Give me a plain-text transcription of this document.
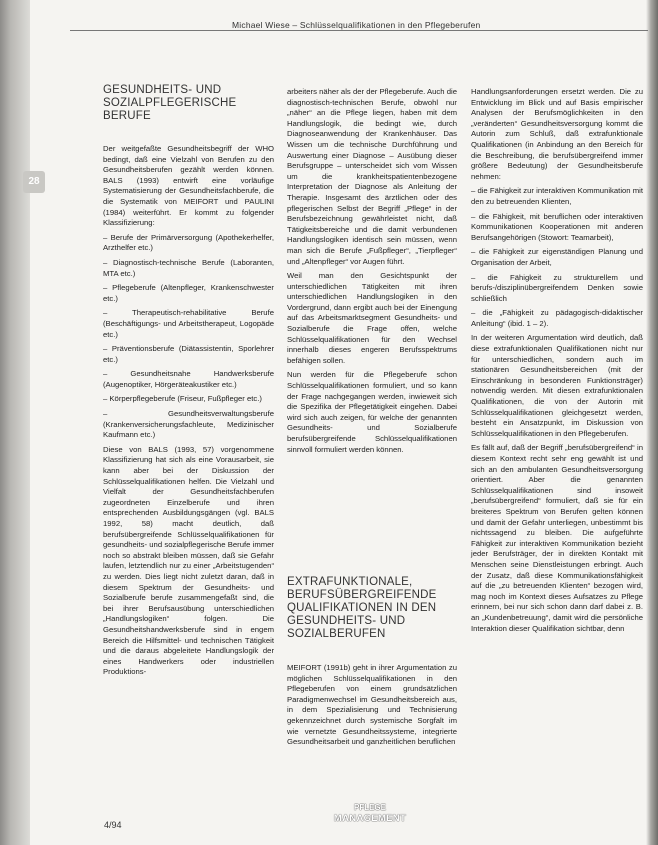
Michael Wiese – Schlüsselqualifikationen in den Pflegeberufen
28
GESUNDHEITS- UND SOZIALPFLEGERISCHE BERUFE

Der weitgefaßte Gesundheitsbegriff der WHO bedingt, daß eine Vielzahl von Berufen zu den Gesundheitsberufen gezählt werden können. BALS (1993) entwirft eine vorläufige Systematisierung der Gesundheitsfachberufe, die die Systematik von MEIFORT und PAULINI (1984) weiterführt. Er kommt zu folgender Klassifizierung:

– Berufe der Primärversorgung (Apothekerhelfer, Arzthelfer etc.)

– Diagnostisch-technische Berufe (Laboranten, MTA etc.)

– Pflegeberufe (Altenpfleger, Krankenschwester etc.)

– Therapeutisch-rehabilitative Berufe (Beschäftigungs- und Arbeitstherapeut, Logopäde etc.)

– Präventionsberufe (Diätassistentin, Sporlehrer etc.)

– Gesundheitsnahe Handwerksberufe (Augenoptiker, Hörgeräteakustiker etc.)

– Körperpflegeberufe (Friseur, Fußpfleger etc.)

– Gesundheitsverwaltungsberufe (Krankenversicherungsfachleute, Medizinischer Kaufmann etc.)

Diese von BALS (1993, 57) vorgenommene Klassifizierung hat sich als eine Vorausarbeit, sie kann aber bei der Diskussion der Schlüsselqualifikationen helfen. Die Vielzahl und Vielfalt der Gesundheitsfachberufen zugeordneten Einzelberufe und ihren entsprechenden Ausbildungsgängen (vgl. BALS 1992, 58) macht deutlich, daß berufsübergreifende Schlüsselqualifikationen für gesundheits- und sozialpflegerische Berufe immer noch so abstrakt bleiben müssen, daß sie Gefahr laufen, letztendlich nur zu einer „Arbeitstugenden“ zu werden. Dies liegt nicht zuletzt daran, daß in diesem Spektrum der Gesundheits- und Sozialberufe berufe zusammengefaßt sind, die bei ihrer Berufsausübung unterschiedlichen „Handlungslogiken“ folgen. Die Gesundheitshandwerksberufe sind in engem Bereich die Hilfsmittel- und technischen Tätigkeit und die daraus abgeleitete Handlungslogik der eines Handwerkers oder industriellen Produktions-

arbeiters näher als der der Pflegeberufe. Auch die diagnostisch-technischen Berufe, obwohl nur „näher“ an die Pflege liegen, haben mit dem Handlungslogik, die bedingt wie, durch Diagnoseanwendung der Krankenhäuser. Das Wissen um die technische Durchführung und Auswertung einer Diagnose – Ausübung dieser Berufsgruppe – unterscheidet sich vom Wissen um die krankheitspatientenbezogene Interpretation der Diagnose als Anleitung der Therapie. Insgesamt des ärztlichen oder des pflegerischen Selbst der Begriff „Pflege“ in der Berufsbezeichnung gewährleistet nicht, daß Tätigkeitsbereiche und die damit verbundenen Handlungslogiken identisch sein müssen, wenn man sich die Berufe „Fußpfleger“, „Tierpfleger“ und „Altenpfleger“ vor Augen führt.

Weil man den Gesichtspunkt der unterschiedlichen Tätigkeiten mit ihren unterschiedlichen Handlungslogiken in den Vordergrund, dann ergibt auch bei der Einengung auf das Arbeitsmarktsegment Gesundheits- und Sozialberufe die Frage offen, welche Schlüsselqualifikationen für den Wechsel innerhalb dieses engeren Berufsspektrums befähigen sollen.

Nun werden für die Pflegeberufe schon Schlüsselqualifikationen formuliert, und so kann der Frage nachgegangen werden, inwieweit sich die Spezifika der Pflegetätigkeit eingehen. Dabei wird sich auch zeigen, für welche der genannten Gesundheits- und Sozialberufe berufsübergreifende Schlüsselqualifikationen sinnvoll formuliert werden können.

EXTRAFUNKTIONALE, BERUFSÜBERGREIFENDE QUALIFIKATIONEN IN DEN GESUNDHEITS- UND SOZIALBERUFEN

MEIFORT (1991b) geht in ihrer Argumentation zu möglichen Schlüsselqualifikationen in den Pflegeberufen von einem grundsätzlichen Paradigmenwechsel im Gesundheitsbereich aus, in dem Spezialisierung und Technisierung gekennzeichnet durch systemische Sorgfalt im wie vernetzte Gesundheitssysteme, integrierte Gesundheitsarbeit und ganzheitlichen beruflichen

Handlungsanforderungen ersetzt werden. Die zu Entwicklung im Blick und auf Basis empirischer Analysen der Berufsmöglichkeiten in den „veränderten“ Gesundheitsversorgung kommt die Autorin zum Schluß, daß extrafunktionale Qualifikationen (in Anbindung an den Bereich für die Beschreibung, die berufsübergreifend immer größere Bedeutung) der Gesundheitsberufe nehmen:

– die Fähigkeit zur interaktiven Kommunikation mit den zu betreuenden Klienten,

– die Fähigkeit, mit beruflichen oder interaktiven Kommunikationen Kooperationen mit anderen Berufsangehörigen (Stowort: Teamarbeit),

– die Fähigkeit zur eigenständigen Planung und Organisation der Arbeit,

– die Fähigkeit zu strukturellem und berufs-/disziplinübergreifendem Denken sowie schließlich

– die „Fähigkeit zu pädagogisch-didaktischer Anleitung“ (ibid. 1 – 2).

In der weiteren Argumentation wird deutlich, daß diese extrafunktionalen Qualifikationen nicht nur für unterschiedlichen, sondern auch im stationären Gesundheitsbereichen (mit der Einschränkung in besonderen Funktionsträger) notwendig werden. Mit diesen extrafunktionalen Qualifikationen, die von der Autorin mit Schlüsselqualifikationen gleichgesetzt werden, besteht ein Ansatzpunkt, im Diskussion von Schlüsselqualifikationen in den Pflegeberufen.

Es fällt auf, daß der Begriff „berufsübergreifend“ in diesem Kontext recht sehr eng gewählt ist und sich an den ambulanten Gesundheitsversorgung orientiert. Aber die genannten Schlüsselqualifikationen sind insoweit „berufsübergreifend“ formuliert, daß sie für ein breiteres Spektrum von Berufen gelten können und damit der Gefahr unterliegen, unbestimmt bis nichtssagend zu bleiben. Die aufgeführte Fähigkeit zur interaktiven Kommunikation bezieht jeder Berufsträger, der in direkten Kontakt mit Menschen seine Dienstleistungen erbringt. Auch der Zusatz, daß diese Kommunikationsfähigkeit auf die „zu betreuenden Klienten“ bezogen wird, mag noch im Kontext dieses Aufsatzes zu Pflege erinnern, bei nur sich schon dann darf dabei z. B. an „Kundenbetreuung“, damit wird die persönliche Interaktion dieser Qualifikation sichtbar, denn

4/94
PFLEGE
MANAGEMENT
